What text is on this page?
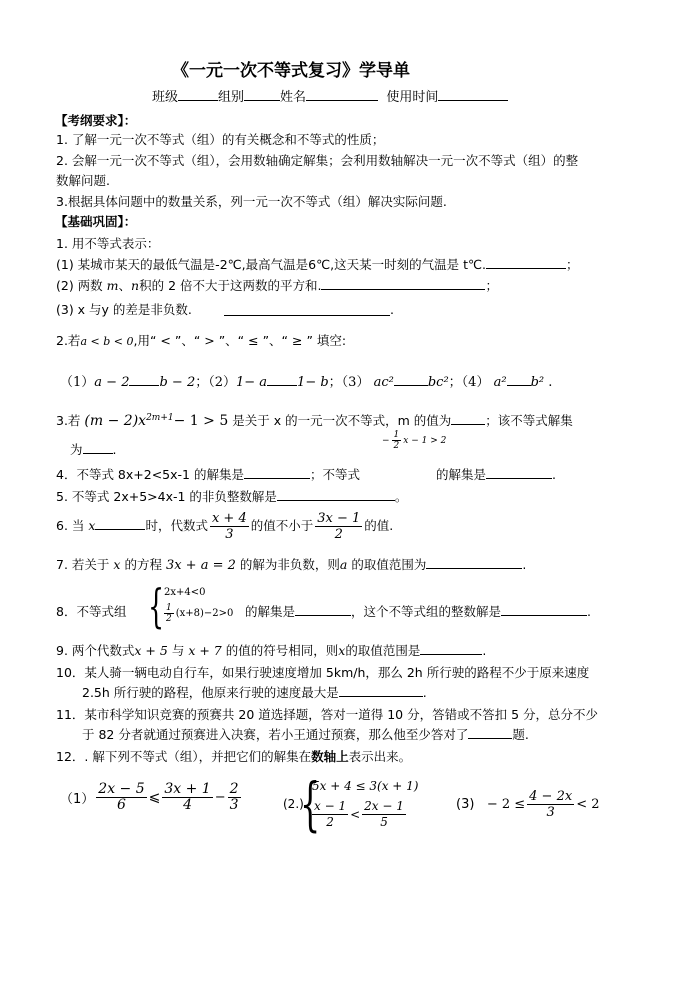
《一元一次不等式复习》学导单
班级	组别	姓名	使用时间
【考纲要求】：
1. 了解一元一次不等式（组）的有关概念和不等式的性质；
2. 会解一元一次不等式（组），会用数轴确定解集；会利用数轴解决一元一次不等式（组）的整
数解问题.
3.根据具体问题中的数量关系，列一元一次不等式（组）解决实际问题.
【基础巩固】：
1. 用不等式表示：
(1) 某城市某天的最低气温是-2℃,最高气温是6℃,这天某一时刻的气温是 t℃.	；
(2) 两数 m、n积的 2 倍不大于这两数的平方和.	；
(3) x 与y 的差是非负数.	.
2.若a < b < 0,用“ < ”、“ > ”、“ ≤ ”、“ ≥ ” 填空:
（1）a − 2 b − 2；（2）1− a 1− b；（3） ac²	bc²；（4） a² b² .
3.若 $(m - 2)x^{2m+1}- 1 > 5$ 是关于 x 的一元一次不等式，m 的值为	；该不等式解集
− $\frac{1}{2}$ x − 1 > 2
为 .
4．不等式 8x+2<5x-1 的解集是	；不等式	的解集是	.
5. 不等式 2x+5>4x-1 的非负整数解是	。
6. 当 x	时，代数式 $\frac{x + 4}{3}$ 的值不小于 $\frac{3x - 1}{2}$ 的值.
7. 若关于 x 的方程 3x + a = 2 的解为非负数，则a 的取值范围为	.
8．不等式组 { 2x+4<0
$\frac{1}{2} (x+8)-2>0$ 的解集是	，这个不等式组的整数解是	.
9. 两个代数式x + 5 与 x + 7 的值的符号相同，则x的取值范围是	.
10．某人骑一辆电动自行车，如果行驶速度增加 5km/h，那么 2h 所行驶的路程不少于原来速度
2.5h 所行驶的路程，他原来行驶的速度最大是	.
11．某市科学知识竞赛的预赛共 20 道选择题，答对一道得 10 分，答错或不答扣 5 分，总分不少
于 82 分者就通过预赛进入决赛，若小王通过预赛，那么他至少答对了	题.
12．. 解下列不等式（组），并把它们的解集在数轴上表示出来。
$(1) \frac{2x - 5}{6}$ ⩽ $\frac{3x + 1}{4} - \frac{2}{3}$	(2.)
{
5x + 4 ≤ 3(x + 1)
$\frac{x - 1}{2} < \frac{2x - 1}{5}$	$(3) - 2 \le \frac{4 - 2x}{3} < 2$
